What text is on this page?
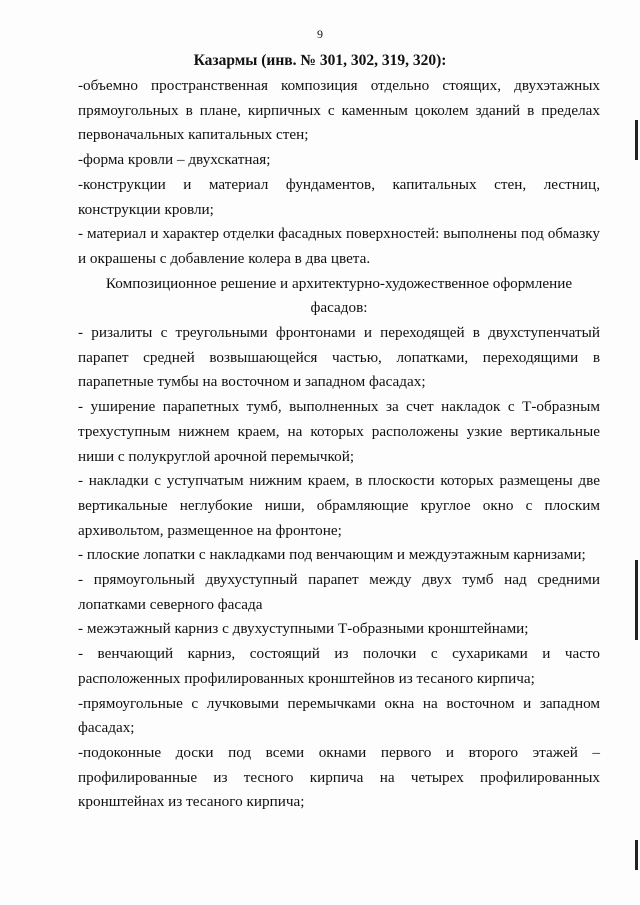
9
Казармы (инв. № 301, 302, 319, 320):

-объемно пространственная композиция отдельно стоящих, двухэтажных прямоугольных в плане, кирпичных с каменным цоколем зданий в пределах первоначальных капитальных стен;

-форма кровли – двухскатная;

-конструкции и материал фундаментов, капитальных стен, лестниц, конструкции кровли;

- материал и характер отделки фасадных поверхностей: выполнены под обмазку и окрашены с добавление колера в два цвета.

Композиционное решение и архитектурно-художественное оформление фасадов:

- ризалиты с треугольными фронтонами и переходящей в двухступенчатый парапет средней возвышающейся частью, лопатками, переходящими в парапетные тумбы на восточном и западном фасадах;

- уширение парапетных тумб, выполненных за счет накладок с Т-образным трехуступным нижнем краем, на которых расположены узкие вертикальные ниши с полукруглой арочной перемычкой;

- накладки с уступчатым нижним краем, в плоскости которых размещены две вертикальные неглубокие ниши, обрамляющие круглое окно с плоским архивольтом, размещенное на фронтоне;

- плоские лопатки с накладками под венчающим и междуэтажным карнизами;

- прямоугольный двухуступный парапет между двух тумб над средними лопатками северного фасада

- межэтажный карниз с двухуступными Т-образными кронштейнами;

- венчающий карниз, состоящий из полочки с сухариками и часто расположенных профилированных кронштейнов из тесаного кирпича;

-прямоугольные с лучковыми перемычками окна на восточном и западном фасадах;

-подоконные доски под всеми окнами первого и второго этажей – профилированные из тесного кирпича на четырех профилированных кронштейнах из тесаного кирпича;
